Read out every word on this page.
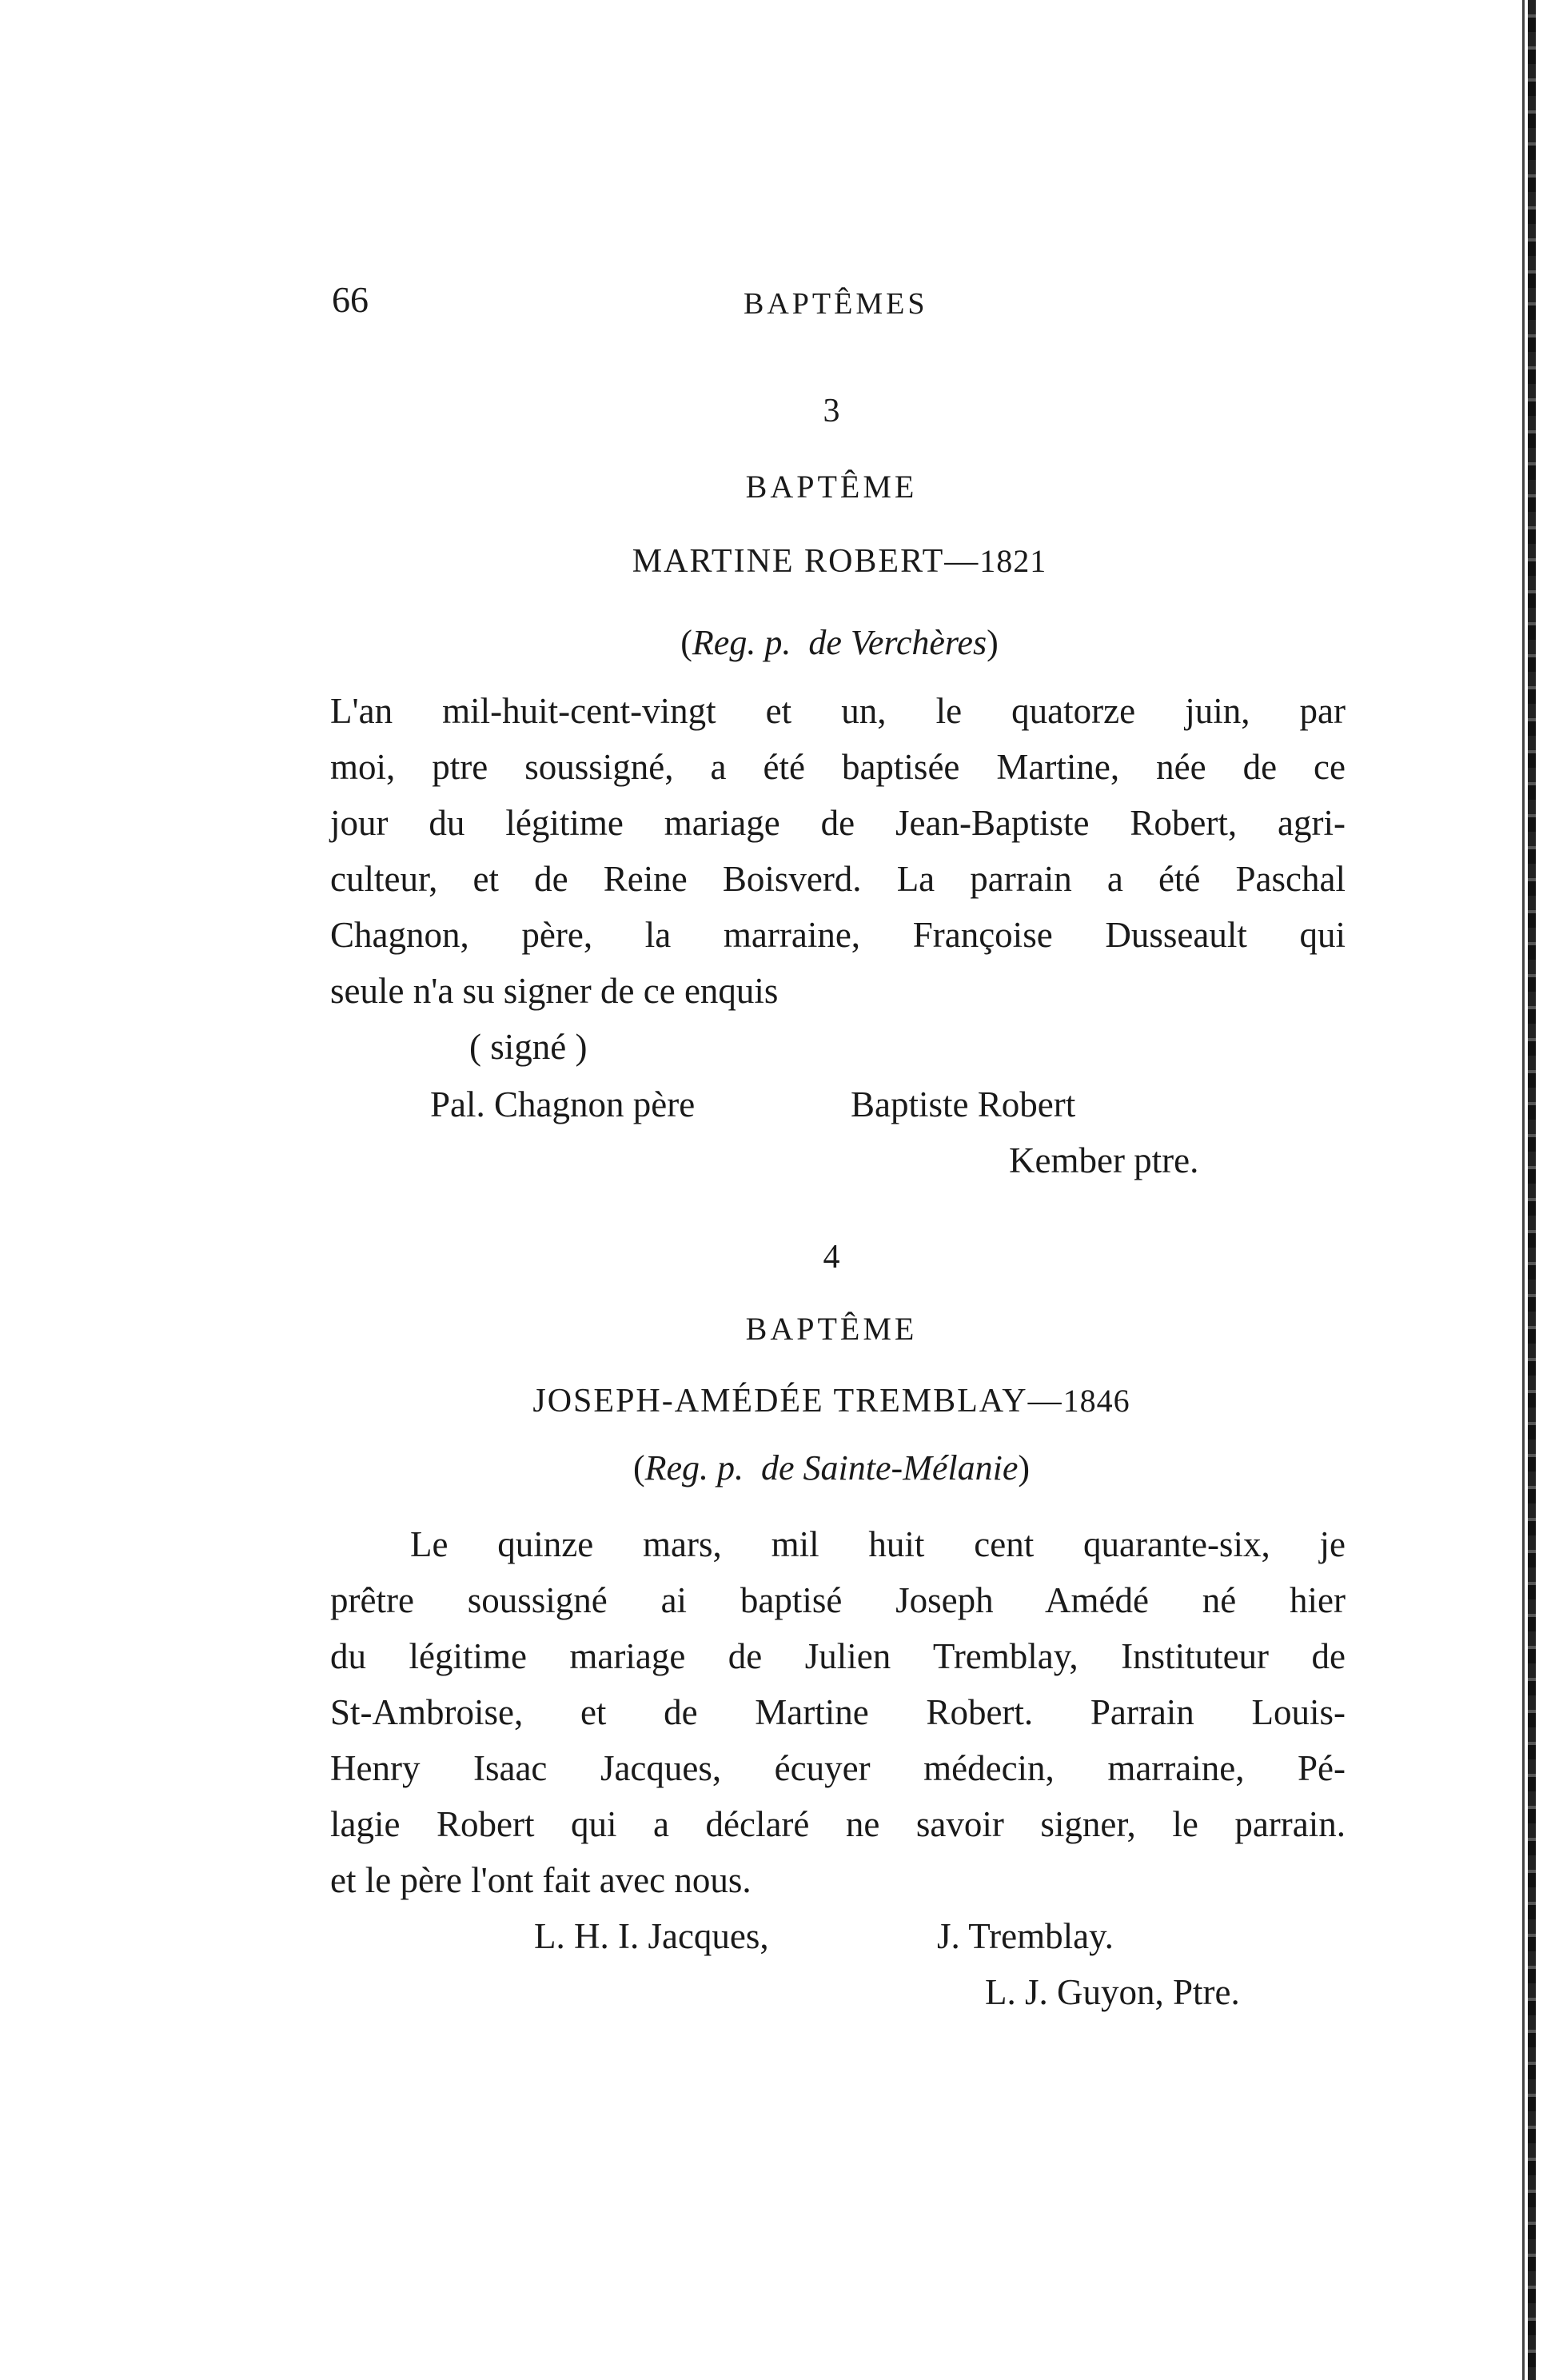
66	BAPTÊMES
3
BAPTÊME
MARTINE ROBERT—1821
(Reg. p. de Verchères)
L'an mil-huit-cent-vingt et un, le quatorze juin, par
moi, ptre soussigné, a été baptisée Martine, née de ce
jour du légitime mariage de Jean-Baptiste Robert, agri-
culteur, et de Reine Boisverd. La parrain a été Paschal
Chagnon, père, la marraine, Françoise Dusseault qui
seule n'a su signer de ce enquis
( signé )
Pal. Chagnon père	Baptiste Robert
Kember ptre.
4
BAPTÊME
JOSEPH-AMÉDÉE TREMBLAY—1846
(Reg. p. de Sainte-Mélanie)
Le quinze mars, mil huit cent quarante-six, je
prêtre soussigné ai baptisé Joseph Amédé né hier
du légitime mariage de Julien Tremblay, Instituteur de
St-Ambroise, et de Martine Robert. Parrain Louis-
Henry Isaac Jacques, écuyer médecin, marraine, Pé-
lagie Robert qui a déclaré ne savoir signer, le parrain.
et le père l'ont fait avec nous.
L. H. I. Jacques,	J. Tremblay.
L. J. Guyon, Ptre.
